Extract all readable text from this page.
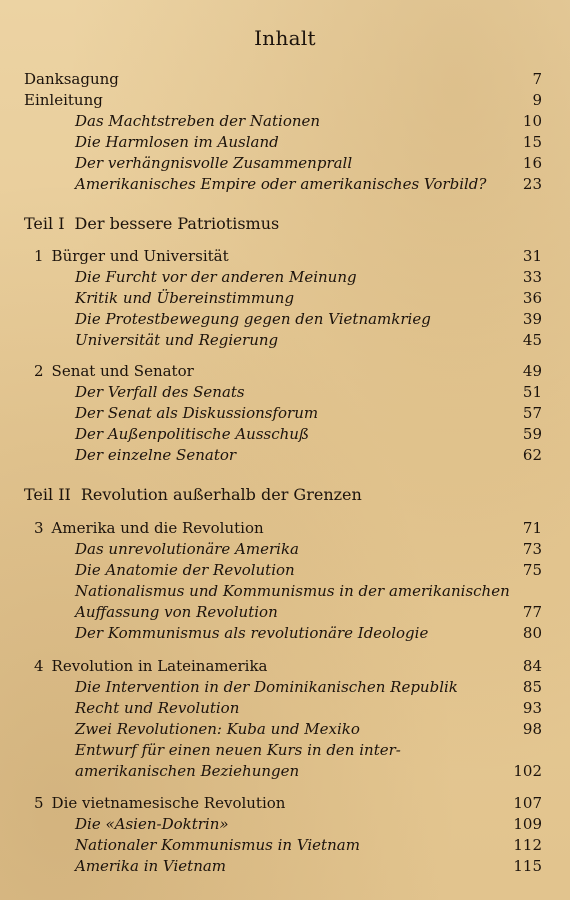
Inhalt
Danksagung	7
Einleitung	9
Das Machtstreben der Nationen	10
Die Harmlosen im Ausland	15
Der verhängnisvolle Zusammenprall	16
Amerikanisches Empire oder amerikanisches Vorbild? 23
Teil I Der bessere Patriotismus
1 Bürger und Universität	31
Die Furcht vor der anderen Meinung	33
Kritik und Übereinstimmung	36
Die Protestbewegung gegen den Vietnamkrieg	39
Universität und Regierung	45
2 Senat und Senator	49
Der Verfall des Senats	51
Der Senat als Diskussionsforum	57
Der Außenpolitische Ausschuß	59
Der einzelne Senator	62
Teil II Revolution außerhalb der Grenzen
3 Amerika und die Revolution	71
Das unrevolutionäre Amerika	73
Die Anatomie der Revolution	75
Nationalismus und Kommunismus in der amerikanischen
Auffassung von Revolution	77
Der Kommunismus als revolutionäre Ideologie	80
4 Revolution in Lateinamerika	84
Die Intervention in der Dominikanischen Republik	85
Recht und Revolution	93
Zwei Revolutionen: Kuba und Mexiko	98
Entwurf für einen neuen Kurs in den inter-
amerikanischen Beziehungen	102
5 Die vietnamesische Revolution	107
Die «Asien-Doktrin»	109
Nationaler Kommunismus in Vietnam	112
Amerika in Vietnam	115
